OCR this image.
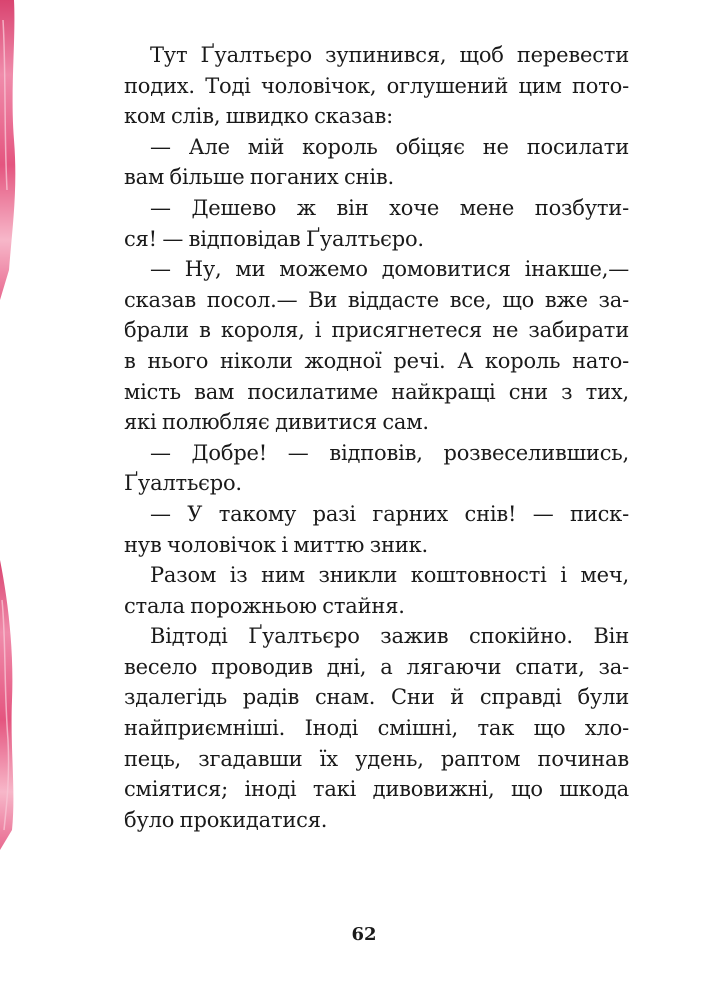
Тут Ґуалтьєро зупинився, щоб перевести
подих. Тоді чоловічок, оглушений цим пото-
ком слів, швидко сказав:
— Але мій король обіцяє не посилати
вам більше поганих снів.
— Дешево ж він хоче мене позбути-
ся! — відповідав Ґуалтьєро.
— Ну, ми можемо домовитися інакше,—
сказав посол.— Ви віддасте все, що вже за-
брали в короля, і присягнетеся не забирати
в нього ніколи жодної речі. А король нато-
мість вам посилатиме найкращі сни з тих,
які полюбляє дивитися сам.
— Добре! — відповів, розвеселившись,
Ґуалтьєро.
— У такому разі гарних снів! — писк-
нув чоловічок і миттю зник.
Разом із ним зникли коштовності і меч,
стала порожньою стайня.
Відтоді Ґуалтьєро зажив спокійно. Він
весело проводив дні, а лягаючи спати, за-
здалегідь радів снам. Сни й справді були
найприємніші. Іноді смішні, так що хло-
пець, згадавши їх удень, раптом починав
сміятися; іноді такі дивовижні, що шкода
було прокидатися.
62
